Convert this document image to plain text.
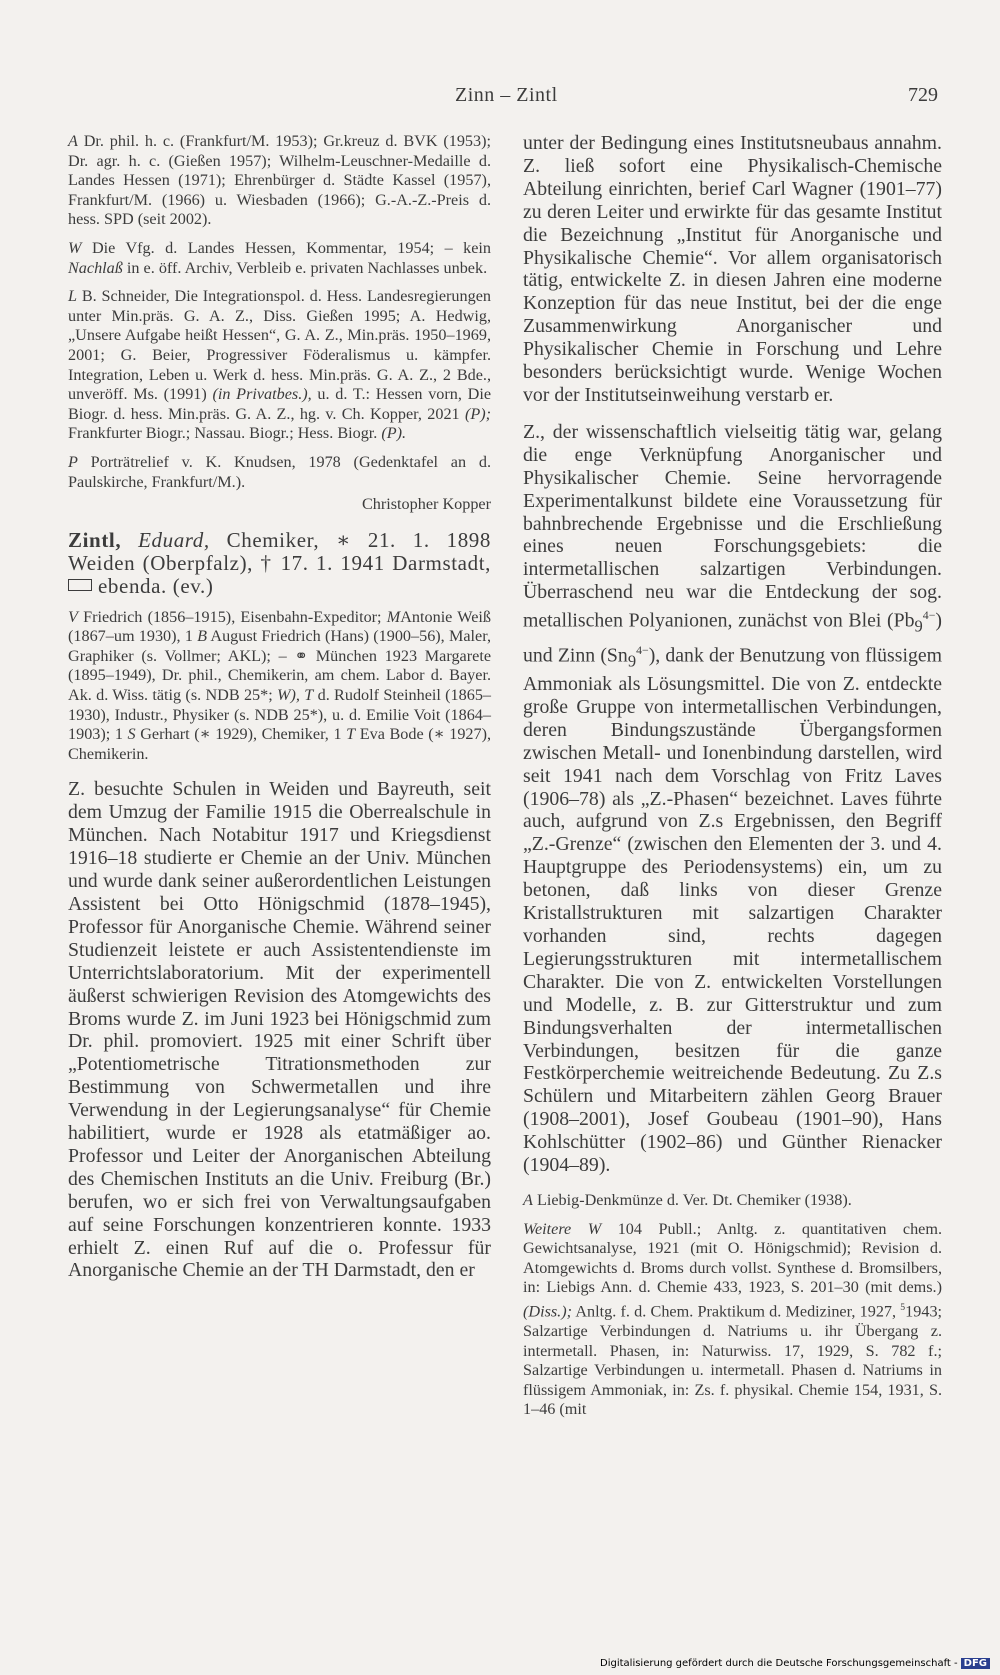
Zinn – Zintl	729

A Dr. phil. h. c. (Frankfurt/M. 1953); Gr.kreuz d. BVK (1953); Dr. agr. h. c. (Gießen 1957); Wilhelm-Leuschner-Medaille d. Landes Hessen (1971); Ehrenbürger d. Städte Kassel (1957), Frankfurt/M. (1966) u. Wiesbaden (1966); G.-A.-Z.-Preis d. hess. SPD (seit 2002).

W Die Vfg. d. Landes Hessen, Kommentar, 1954; – kein Nachlaß in e. öff. Archiv, Verbleib e. privaten Nachlasses unbek.

L B. Schneider, Die Integrationspol. d. Hess. Landesregierungen unter Min.präs. G. A. Z., Diss. Gießen 1995; A. Hedwig, „Unsere Aufgabe heißt Hessen“, G. A. Z., Min.präs. 1950–1969, 2001; G. Beier, Progressiver Föderalismus u. kämpfer. Integration, Leben u. Werk d. hess. Min.präs. G. A. Z., 2 Bde., unveröff. Ms. (1991) (in Privatbes.), u. d. T.: Hessen vorn, Die Biogr. d. hess. Min.präs. G. A. Z., hg. v. Ch. Kopper, 2021 (P); Frankfurter Biogr.; Nassau. Biogr.; Hess. Biogr. (P).

P Porträtrelief v. K. Knudsen, 1978 (Gedenktafel an d. Paulskirche, Frankfurt/M.).

Christopher Kopper

Zintl, Eduard, Chemiker, ∗ 21. 1. 1898 Weiden (Oberpfalz), † 17. 1. 1941 Darmstadt, ebenda. (ev.)

V Friedrich (1856–1915), Eisenbahn-Expeditor; MAntonie Weiß (1867–um 1930), 1 B August Friedrich (Hans) (1900–56), Maler, Graphiker (s. Vollmer; AKL); – ⚭ München 1923 Margarete (1895–1949), Dr. phil., Chemikerin, am chem. Labor d. Bayer. Ak. d. Wiss. tätig (s. NDB 25*; W), T d. Rudolf Steinheil (1865–1930), Industr., Physiker (s. NDB 25*), u. d. Emilie Voit (1864–1903); 1 S Gerhart (∗ 1929), Chemiker, 1 T Eva Bode (∗ 1927), Chemikerin.

Z. besuchte Schulen in Weiden und Bayreuth, seit dem Umzug der Familie 1915 die Oberrealschule in München. Nach Notabitur 1917 und Kriegsdienst 1916–18 studierte er Chemie an der Univ. München und wurde dank seiner außerordentlichen Leistungen Assistent bei Otto Hönigschmid (1878–1945), Professor für Anorganische Chemie. Während seiner Studienzeit leistete er auch Assistentendienste im Unterrichtslaboratorium. Mit der experimentell äußerst schwierigen Revision des Atomgewichts des Broms wurde Z. im Juni 1923 bei Hönigschmid zum Dr. phil. promoviert. 1925 mit einer Schrift über „Potentiometrische Titrationsmethoden zur Bestimmung von Schwermetallen und ihre Verwendung in der Legierungsanalyse“ für Chemie habilitiert, wurde er 1928 als etatmäßiger ao. Professor und Leiter der Anorganischen Abteilung des Chemischen Instituts an die Univ. Freiburg (Br.) berufen, wo er sich frei von Verwaltungsaufgaben auf seine Forschungen konzentrieren konnte. 1933 erhielt Z. einen Ruf auf die o. Professur für Anorganische Chemie an der TH Darmstadt, den er

unter der Bedingung eines Institutsneubaus annahm. Z. ließ sofort eine Physikalisch-Chemische Abteilung einrichten, berief Carl Wagner (1901–77) zu deren Leiter und erwirkte für das gesamte Institut die Bezeichnung „Institut für Anorganische und Physikalische Chemie“. Vor allem organisatorisch tätig, entwickelte Z. in diesen Jahren eine moderne Konzeption für das neue Institut, bei der die enge Zusammenwirkung Anorganischer und Physikalischer Chemie in Forschung und Lehre besonders berücksichtigt wurde. Wenige Wochen vor der Institutseinweihung verstarb er.

Z., der wissenschaftlich vielseitig tätig war, gelang die enge Verknüpfung Anorganischer und Physikalischer Chemie. Seine hervorragende Experimentalkunst bildete eine Voraussetzung für bahnbrechende Ergebnisse und die Erschließung eines neuen Forschungsgebiets: die intermetallischen salzartigen Verbindungen. Überraschend neu war die Entdeckung der sog. metallischen Polyanionen, zunächst von Blei $(Pb_9^{4-})$ und Zinn $(Sn_9^{4-})$, dank der Benutzung von flüssigem Ammoniak als Lösungsmittel. Die von Z. entdeckte große Gruppe von intermetallischen Verbindungen, deren Bindungszustände Übergangsformen zwischen Metall- und Ionenbindung darstellen, wird seit 1941 nach dem Vorschlag von Fritz Laves (1906–78) als „Z.-Phasen“ bezeichnet. Laves führte auch, aufgrund von Z.s Ergebnissen, den Begriff „Z.-Grenze“ (zwischen den Elementen der 3. und 4. Hauptgruppe des Periodensystems) ein, um zu betonen, daß links von dieser Grenze Kristallstrukturen mit salzartigen Charakter vorhanden sind, rechts dagegen Legierungsstrukturen mit intermetallischem Charakter. Die von Z. entwickelten Vorstellungen und Modelle, z. B. zur Gitterstruktur und zum Bindungsverhalten der intermetallischen Verbindungen, besitzen für die ganze Festkörperchemie weitreichende Bedeutung. Zu Z.s Schülern und Mitarbeitern zählen Georg Brauer (1908–2001), Josef Goubeau (1901–90), Hans Kohlschütter (1902–86) und Günther Rienacker (1904–89).

A Liebig-Denkmünze d. Ver. Dt. Chemiker (1938).

Weitere W 104 Publl.; Anltg. z. quantitativen chem. Gewichtsanalyse, 1921 (mit O. Hönigschmid); Revision d. Atomgewichts d. Broms durch vollst. Synthese d. Bromsilbers, in: Liebigs Ann. d. Chemie 433, 1923, S. 201–30 (mit dems.) (Diss.); Anltg. f. d. Chem. Praktikum d. Mediziner, 1927, $^5$1943; Salzartige Verbindungen d. Natriums u. ihr Übergang z. intermetall. Phasen, in: Naturwiss. 17, 1929, S. 782 f.; Salzartige Verbindungen u. intermetall. Phasen d. Natriums in flüssigem Ammoniak, in: Zs. f. physikal. Chemie 154, 1931, S. 1–46 (mit

Digitalisierung gefördert durch die Deutsche Forschungsgemeinschaft - DFG
